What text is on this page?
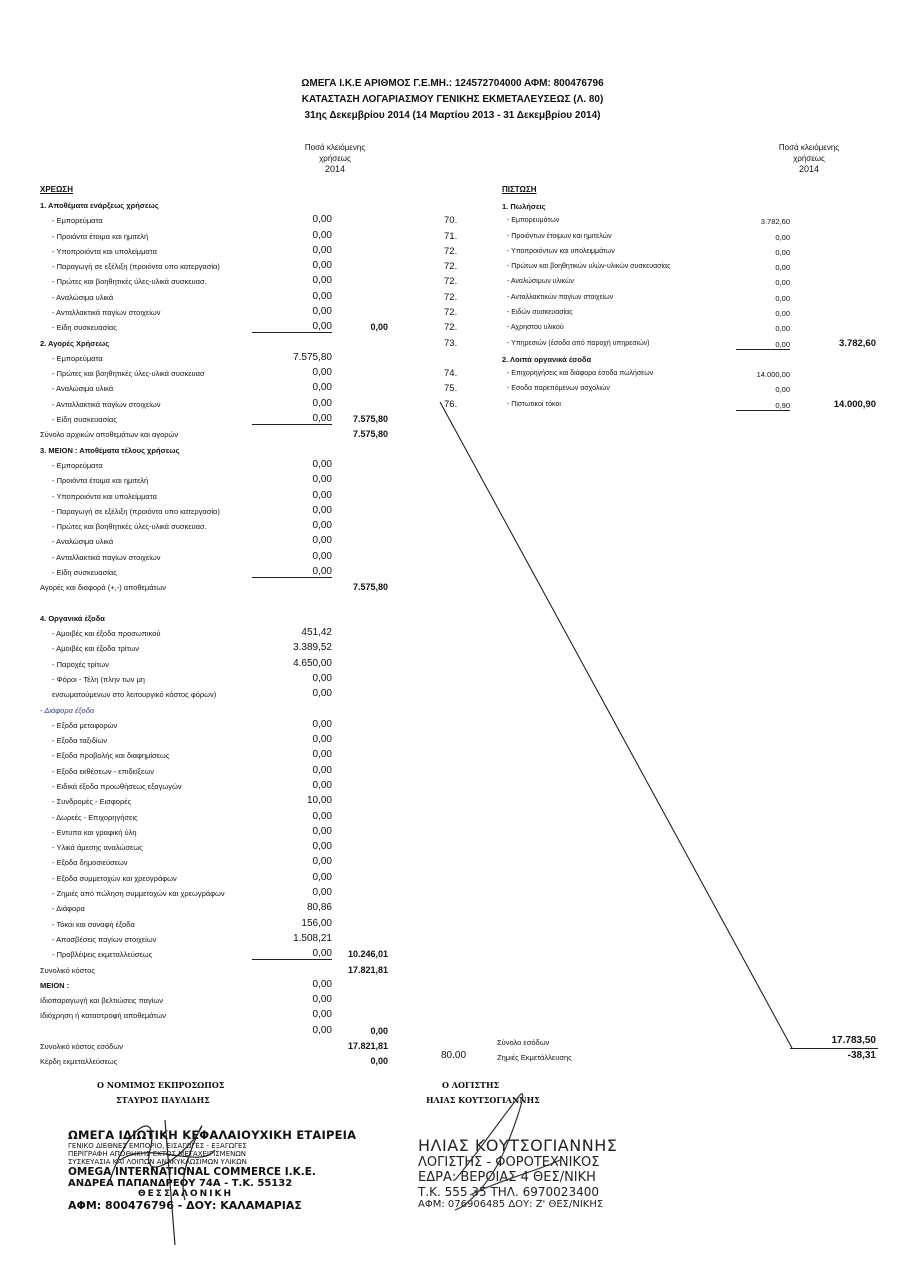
ΩΜΕΓΑ Ι.Κ.Ε ΑΡΙΘΜΟΣ Γ.Ε.ΜΗ.: 124572704000 ΑΦΜ: 800476796
ΚΑΤΑΣΤΑΣΗ ΛΟΓΑΡΙΑΣΜΟΥ ΓΕΝΙΚΗΣ ΕΚΜΕΤΑΛΕΥΣΕΩΣ (Λ. 80)
31ης Δεκεμβρίου 2014 (14 Μαρτίου 2013 - 31 Δεκεμβρίου 2014)
Ποσά κλειόμενης
χρήσεως
2014
Ποσά κλειόμενης
χρήσεως
2014
ΧΡΕΩΣΗ	ΠΙΣΤΩΣΗ
1. Αποθέματα ενάρξεως χρήσεως
- Εμπορεύματα	0,00
- Προιόντα έτοιμα και ημιτελή	0,00
- Υποπροιόντα και υπολείμματα	0,00
- Παραγωγή σε εξέλιξη (προιόντα υπο κατεργασία)	0,00
- Πρώτες και βοηθητικές ύλες-υλικά συσκευασ.	0,00
- Αναλώσιμα υλικά	0,00
- Ανταλλακτικά παγίων στοιχείων	0,00
- Είδη συσκευασίας	0,00	0,00
2. Αγορές Χρήσεως
- Εμπορεύματα	7.575,80
- Πρώτες και βοηθητικές ύλες-υλικά συσκευασ	0,00
- Αναλώσιμα υλικά	0,00
- Ανταλλακτικά παγίων στοιχείων	0,00
- Είδη συσκευασίας	0,00	7.575,80
Σύνολο αρχικών αποθεμάτων και αγορών	7.575,80
3. ΜΕΙΟΝ : Αποθέματα τέλους χρήσεως
- Εμπορεύματα	0,00
- Προιόντα έτοιμα και ημιτελή	0,00
- Υποπροιόντα και υπολείμματα	0,00
- Παραγωγή σε εξέλιξη (προιόντα υπο κατεργασία)	0,00
- Πρώτες και βοηθητικές ύλες-υλικά συσκευασ.	0,00
- Αναλώσιμα υλικά	0,00
- Ανταλλακτικά παγίων στοιχείων	0,00
- Είδη συσκευασίας	0,00
Αγορές και διαφορά (+,-) αποθεμάτων	7.575,80
4. Οργανικά έξοδα
- Αμοιβές και έξοδα προσωπικού	451,42
- Αμοιβές και έξοδα τρίτων	3.389,52
- Παροχές τρίτων	4.650,00
- Φόροι - Τέλη (πλην των μη	0,00
ενσωματούμενων στο λειτουργικό κόστος φόρων)	0,00
- Διάφορα έξοδα
- Εξοδα μεταφορών	0,00
- Εξοδα ταξιδίων	0,00
- Εξοδα προβολής και διαφημίσεως	0,00
- Εξοδα εκθέσεων - επιδείξεων	0,00
- Ειδικά έξοδα προωθήσεως εξαγωγών	0,00
- Συνδρομές - Εισφορές	10,00
- Δωρεές - Επιχορηγήσεις	0,00
- Εντυπα και γραφική ύλη	0,00
- Υλικά άμεσης αναλώσεως	0,00
- Εξοδα δημοσιεύσεων	0,00
- Εξοδα συμμετοχών και χρεογράφων	0,00
- Ζημιές από πώληση συμμετοχών και χρεωγράφων	0,00
- Διάφορα	80,86
- Τόκοι και συναφή έξοδα	156,00
- Αποσβέσεις παγίων στοιχείων	1.508,21
- Προβλέψεις εκμεταλλεύσεως	0,00	10.246,01
Συνολικό κόστος	17.821,81
ΜΕΙΟΝ :	0,00
Ιδιοπαραγωγή και βελτιώσεις παγίων	0,00
Ιδιόχρηση ή καταστροφή αποθεμάτων	0,00
0,00	0,00
Συνολικό κόστος εσόδων	17.821,81
Κέρδη εκμεταλλεύσεως	0,00
1. Πωλήσεις
70.	- Εμπορευμάτων	3.782,60
71.	- Προιόντων έτοιμων και ημιτελών	0,00
72.	- Υποπροιόντων και υπολειμμάτων	0,00
72.	- Πρώτων και βοηθητικών υλών-υλικών συσκευασίας	0,00
72.	- Αναλώσιμων υλικών	0,00
72.	- Ανταλλακτικών παγίων στοιχείων	0,00
72.	- Ειδών συσκευασίας	0,00
72.	- Αχρηστου υλικού	0,00
73.	- Υπηρεσιών (έσοδα από παροχή υπηρεσιών)	0,00	3.782,60
2. Λοιπά οργανικά έσοδα
74.	- Επιχορηγήσεις και διάφορα έσοδα πωλήσεων	14.000,00
75.	- Εσοδα παρεπόμενων ασχολιών	0,00
76.	- Πιστωτικοί τόκοι	0,90	14.000,90
Σύνολο εσόδων	17.783,50
80.00	Ζημιές Εκμετάλλευσης	-38,31
Ο ΝΟΜΙΜΟΣ ΕΚΠΡΟΣΩΠΟΣ
ΣΤΑΥΡΟΣ ΠΑΥΛΙΔΗΣ
Ο ΛΟΓΙΣΤΗΣ
ΗΛΙΑΣ ΚΟΥΤΣΟΓΙΑΝΝΗΣ
ΩΜΕΓΑ ΙΔΙΩΤΙΚΗ ΚΕΦΑΛΑΙΟΥΧΙΚΗ ΕΤΑΙΡΕΙΑ
ΓΕΝΙΚΟ ΔΙΕΘΝΕΣ ΕΜΠΟΡΙΟ, ΕΙΣΑΓΩΓΕΣ - ΕΞΑΓΩΓΕΣ
ΠΕΡΙΓΡΑΦΗ ΑΠΟΘΗΚΗΣ ΕΚΤΟΣ ΜΕΤΑΧΕΙΡΙΣΜΕΝΩΝ
ΣΥΣΚΕΥΑΣΙΑ ΚΑΙ ΛΟΙΠΩΝ ΑΝΑΚΥΚΛΩΣΙΜΩΝ ΥΛΙΚΩΝ
OMEGA INTERNATIONAL COMMERCE I.K.E.
ΑΝΔΡΕΑ ΠΑΠΑΝΔΡΕΟΥ 74Α - Τ.Κ. 55132
ΘΕΣΣΑΛΟΝΙΚΗ
ΑΦΜ: 800476796 - ΔΟΥ: ΚΑΛΑΜΑΡΙΑΣ
ΗΛΙΑΣ ΚΟΥΤΣΟΓΙΑΝΝΗΣ
ΛΟΓΙΣΤΗΣ - ΦΟΡΟΤΕΧΝΙΚΟΣ
ΕΔΡΑ: ΒΕΡΟΙΑΣ 4 ΘΕΣ/ΝΙΚΗ
Τ.Κ. 555 35 ΤΗΛ. 6970023400
ΑΦΜ: 076906485 ΔΟΥ: Ζ' ΘΕΣ/ΝΙΚΗΣ
